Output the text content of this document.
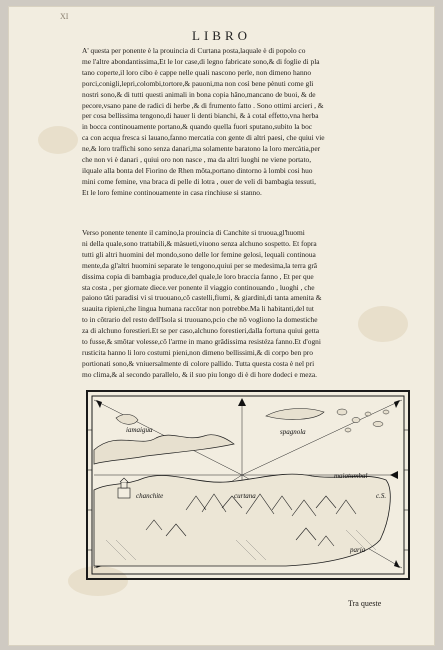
XI
LIBRO
A' questa per ponente è la prouincia di Curtana posta,laquale è di popolo co
me l'altre abondantissima,Et le lor case,di legno fabricate sono,& di foglie di pla
tano coperte,il loro cibo è cappe nelle quali nascono perle, non dimeno hanno
porci,conigli,lepri,colombi,tortore,& pauoni,ma non così bene pènuti come gli
nostri sono,& di tutti questi animali in bona copia hãno,mancano de buoi, & de
pecore,vsano pane de radici di herbe ,& di frumento fatto . Sono ottimi arcieri , &
per cosa bellissima tengono,di hauer li denti bianchi, & à cotal effetto,vna herba
in bocca continouamente portano,& quando quella fuori sputano,subito la boc
ca con acqua fresca si lauano,fanno mercatia con gente di altri paesi, che quiui vie
ne,& loro traffichi sono senza danari,ma solamente baratono la loro mercàtia,per
che non vi è danari , quiui oro non nasce , ma da altri luoghi ne viene portato,
ilquale alla bonta del Fiorino de Rhen mõta,portano dintorno à lombi cosi huo
mini come femine, vna braca di pelle di lotra , ouer de veli di bambagia tessuti,
Et le loro femine continouamente in casa rinchiuse si stanno.
Verso ponente tenente il camino,la prouincia di Canchite si truoua,gl'huomi
ni della quale,sono trattabili,& màsueti,viuono senza alchuno sospetto. Et fopra
tutti gli altri huomini del mondo,sono delle lor femine gelosi, lequali continoua
mente,da gl'altri huomini separate le tengono,quiui per se medesima,la terra grã
dissima copia di bambagia produce,del quale,le loro braccia fanno , Et per que
sta costa , per giornate diece.ver ponente il viaggio continouando , luoghi , che
paiono tãti paradisi vi si truouano,cõ castelli,fiumi, & giardini,di tanta amenita &
suauita ripieni,che lingua humana raccõtar non potrebbe.Ma li habitanti,del tut
to in cõtrario del resto dell'Isola si truouano,pcio che nõ vogliono la domestiche
za di alchuno forestieri.Et se per caso,alchuno forestieri,dalla fortuna quiui getta
to fusse,& smõtar volesse,cõ l'arme in mano grãdissima resistéza fanno.Et d'ogni
rusticita hanno li loro costumi pieni,non dimeno bellissimi,& di corpo ben pro
portionati sono,& vniuersalmente di colore pallido. Tutta questa costa è nel pri
mo clima,& al secondo parallelo, & il suo piu longo di è di hore dodeci e meza.
iamaigua	spagnola
chanchite	curtana
maiatumbal
c.S.
paria
Tra queste
